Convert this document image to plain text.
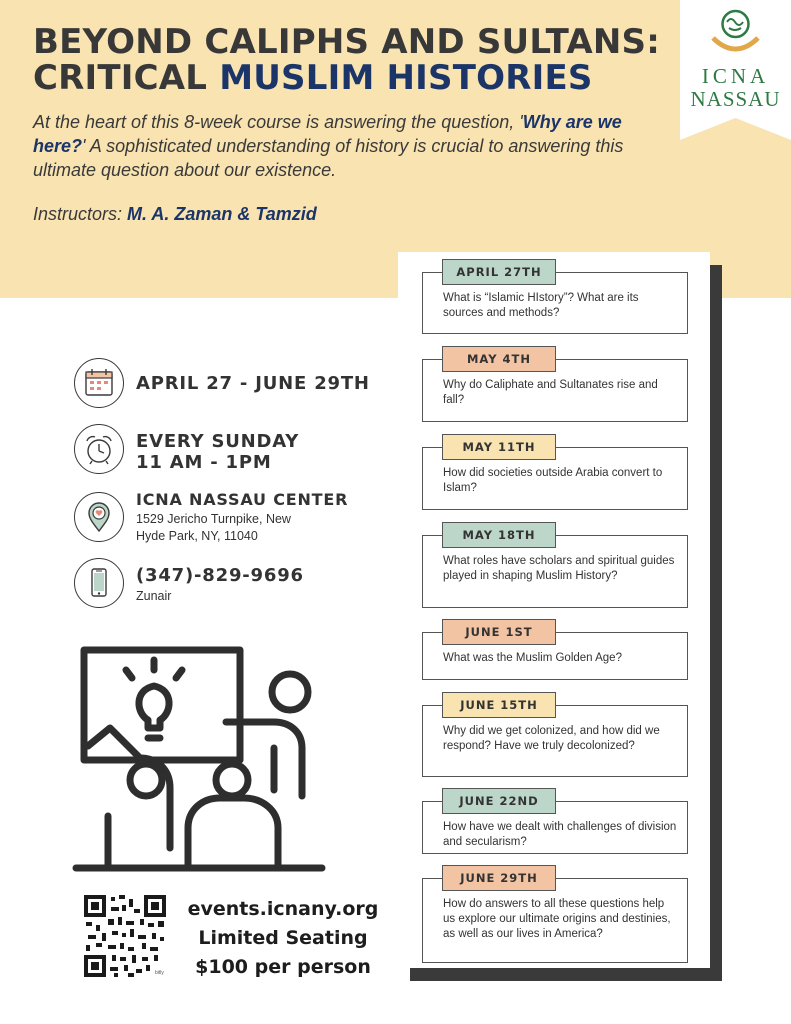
BEYOND CALIPHS AND SULTANS:
CRITICAL MUSLIM HISTORIES

At the heart of this 8-week course is answering the question, 'Why are we here?' A sophisticated understanding of history is crucial to answering this ultimate question about our existence.

Instructors: M. A. Zaman & Tamzid

ICNA
NASSAU
APRIL 27 - JUNE 29TH
EVERY SUNDAY
11 AM - 1PM
ICNA NASSAU CENTER
1529 Jericho Turnpike, New
Hyde Park, NY, 11040
(347)-829-9696
Zunair
bitly
events.icnany.org
Limited Seating
$100 per person
What is “Islamic HIstory”? What are its sources and methods?
APRIL 27TH
Why do Caliphate and Sultanates rise and fall?
MAY 4TH
How did societies outside Arabia convert to Islam?
MAY 11TH
What roles have scholars and spiritual guides played in shaping Muslim History?
MAY 18TH
What was the Muslim Golden Age?
JUNE 1ST
Why did we get colonized, and how did we respond? Have we truly decolonized?
JUNE 15TH
How have we dealt with challenges of division and secularism?
JUNE 22ND
How do answers to all these questions help us explore our ultimate origins and destinies, as well as our lives in America?
JUNE 29TH
